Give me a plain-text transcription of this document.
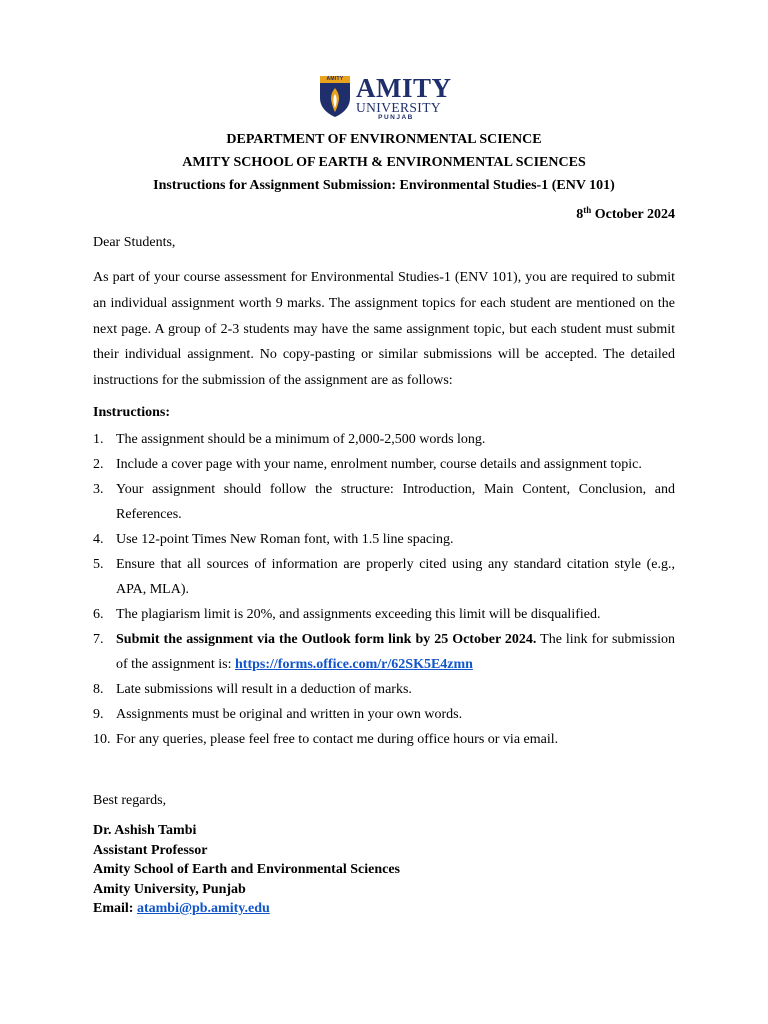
AMITY AMITY
UNIVERSITY
PUNJAB
DEPARTMENT OF ENVIRONMENTAL SCIENCE
AMITY SCHOOL OF EARTH & ENVIRONMENTAL SCIENCES
Instructions for Assignment Submission: Environmental Studies-1 (ENV 101)
8th October 2024
Dear Students,
As part of your course assessment for Environmental Studies-1 (ENV 101), you are required to submit an individual assignment worth 9 marks. The assignment topics for each student are mentioned on the next page. A group of 2-3 students may have the same assignment topic, but each student must submit their individual assignment. No copy-pasting or similar submissions will be accepted. The detailed instructions for the submission of the assignment are as follows:
Instructions:
1. The assignment should be a minimum of 2,000-2,500 words long.
2. Include a cover page with your name, enrolment number, course details and assignment topic.
3. Your assignment should follow the structure: Introduction, Main Content, Conclusion, and References.
4. Use 12-point Times New Roman font, with 1.5 line spacing.
5. Ensure that all sources of information are properly cited using any standard citation style (e.g., APA, MLA).
6. The plagiarism limit is 20%, and assignments exceeding this limit will be disqualified.
7. Submit the assignment via the Outlook form link by 25 October 2024. The link for submission of the assignment is: https://forms.office.com/r/62SK5E4zmn
8. Late submissions will result in a deduction of marks.
9. Assignments must be original and written in your own words.
10. For any queries, please feel free to contact me during office hours or via email.
Best regards,
Dr. Ashish Tambi
Assistant Professor
Amity School of Earth and Environmental Sciences
Amity University, Punjab
Email: atambi@pb.amity.edu
